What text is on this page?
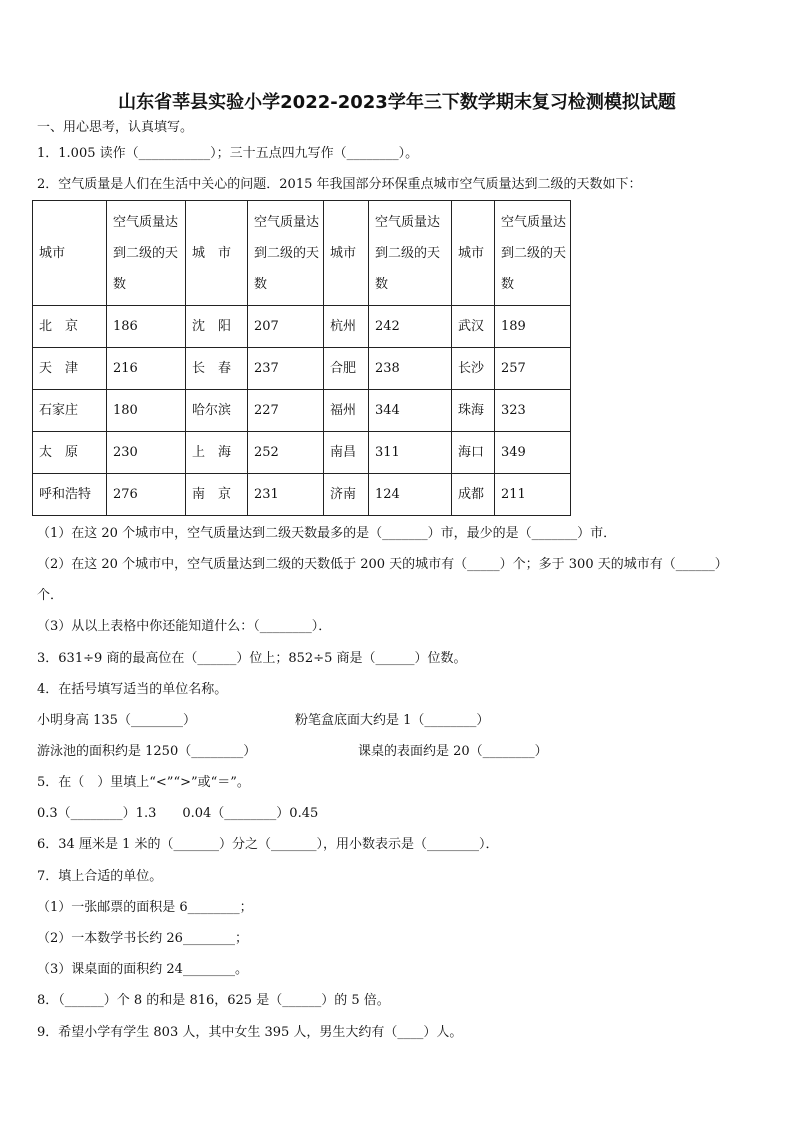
山东省莘县实验小学2022-2023学年三下数学期末复习检测模拟试题
一、用心思考，认真填写。
1．1.005 读作（___________）；三十五点四九写作（________）。
2．空气质量是人们在生活中关心的问题．2015 年我国部分环保重点城市空气质量达到二级的天数如下：
城市	空气质量达到二级的天数	城　市	空气质量达到二级的天数	城市	空气质量达到二级的天数	城市	空气质量达到二级的天数
北　京	186	沈　阳	207	杭州	242	武汉	189
天　津	216	长　春	237	合肥	238	长沙	257
石家庄	180	哈尔滨	227	福州	344	珠海	323
太　原	230	上　海	252	南昌	311	海口	349
呼和浩特	276	南　京	231	济南	124	成都	211
（1）在这 20 个城市中，空气质量达到二级天数最多的是（_______）市，最少的是（_______）市．
（2）在这 20 个城市中，空气质量达到二级的天数低于 200 天的城市有（_____）个；多于 300 天的城市有（______）
个．
（3）从以上表格中你还能知道什么：（________）．
3．631÷9 商的最高位在（______）位上；852÷5 商是（______）位数。
4．在括号填写适当的单位名称。
小明身高 135（________）	粉笔盒底面大约是 1（________）
游泳池的面积约是 1250（________）	课桌的表面约是 20（________）
5．在（　）里填上“<”“>”或“＝”。
0.3（________）1.3　　0.04（________）0.45
6．34 厘米是 1 米的（_______）分之（_______），用小数表示是（________）．
7．填上合适的单位。
（1）一张邮票的面积是 6________；
（2）一本数学书长约 26________；
（3）课桌面的面积约 24________。
8．（______）个 8 的和是 816，625 是（______）的 5 倍。
9．希望小学有学生 803 人，其中女生 395 人，男生大约有（____）人。
